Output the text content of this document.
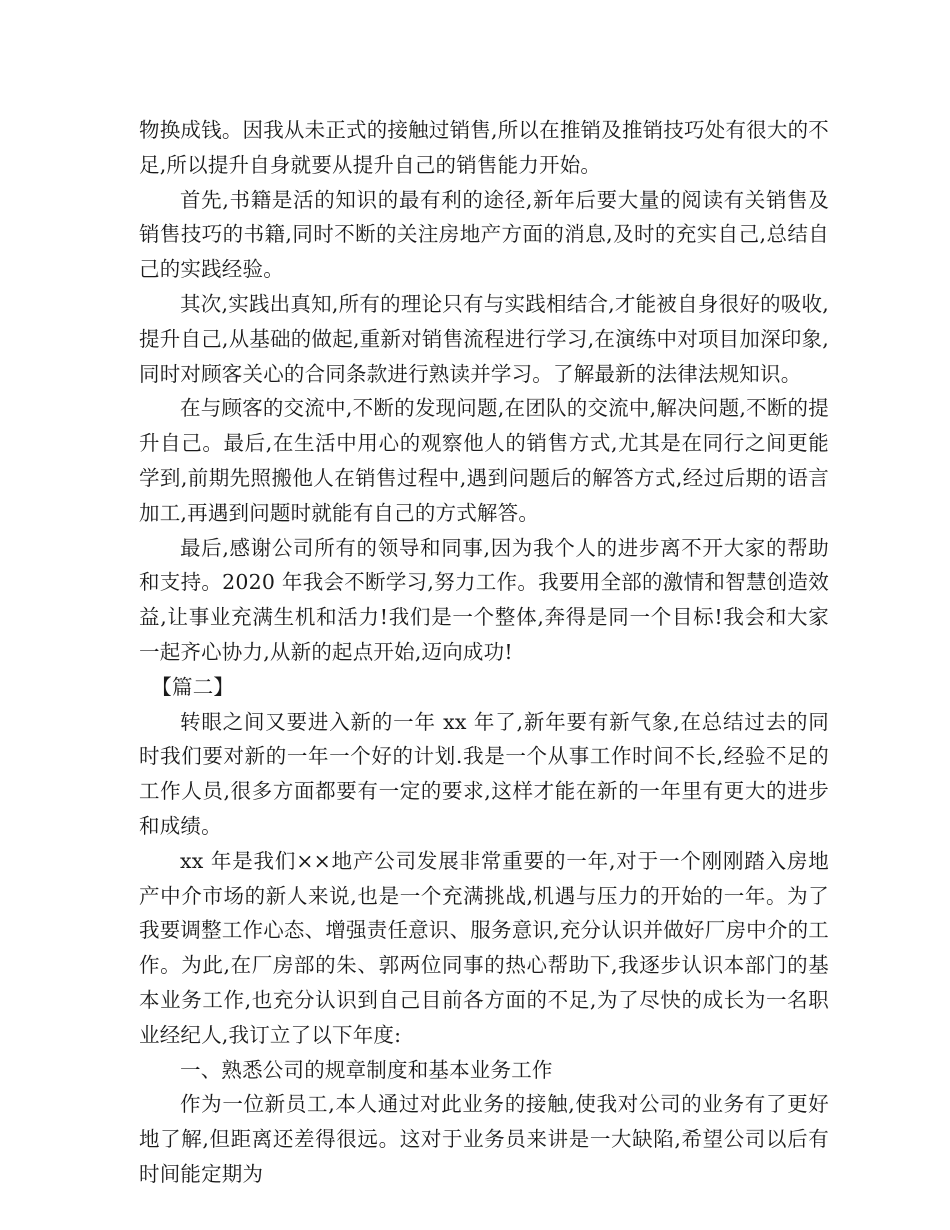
物换成钱。因我从未正式的接触过销售,所以在推销及推销技巧处有很大的不足,所以提升自身就要从提升自己的销售能力开始。

首先,书籍是活的知识的最有利的途径,新年后要大量的阅读有关销售及销售技巧的书籍,同时不断的关注房地产方面的消息,及时的充实自己,总结自己的实践经验。

其次,实践出真知,所有的理论只有与实践相结合,才能被自身很好的吸收,提升自己,从基础的做起,重新对销售流程进行学习,在演练中对项目加深印象,同时对顾客关心的合同条款进行熟读并学习。了解最新的法律法规知识。

在与顾客的交流中,不断的发现问题,在团队的交流中,解决问题,不断的提升自己。最后,在生活中用心的观察他人的销售方式,尤其是在同行之间更能学到,前期先照搬他人在销售过程中,遇到问题后的解答方式,经过后期的语言加工,再遇到问题时就能有自己的方式解答。

最后,感谢公司所有的领导和同事,因为我个人的进步离不开大家的帮助和支持。2020 年我会不断学习,努力工作。我要用全部的激情和智慧创造效益,让事业充满生机和活力!我们是一个整体,奔得是同一个目标!我会和大家一起齐心协力,从新的起点开始,迈向成功!

【篇二】

转眼之间又要进入新的一年 xx 年了,新年要有新气象,在总结过去的同时我们要对新的一年一个好的计划.我是一个从事工作时间不长,经验不足的工作人员,很多方面都要有一定的要求,这样才能在新的一年里有更大的进步和成绩。

xx 年是我们××地产公司发展非常重要的一年,对于一个刚刚踏入房地产中介市场的新人来说,也是一个充满挑战,机遇与压力的开始的一年。为了我要调整工作心态、增强责任意识、服务意识,充分认识并做好厂房中介的工作。为此,在厂房部的朱、郭两位同事的热心帮助下,我逐步认识本部门的基本业务工作,也充分认识到自己目前各方面的不足,为了尽快的成长为一名职业经纪人,我订立了以下年度:

一、熟悉公司的规章制度和基本业务工作

作为一位新员工,本人通过对此业务的接触,使我对公司的业务有了更好地了解,但距离还差得很远。这对于业务员来讲是一大缺陷,希望公司以后有时间能定期为
